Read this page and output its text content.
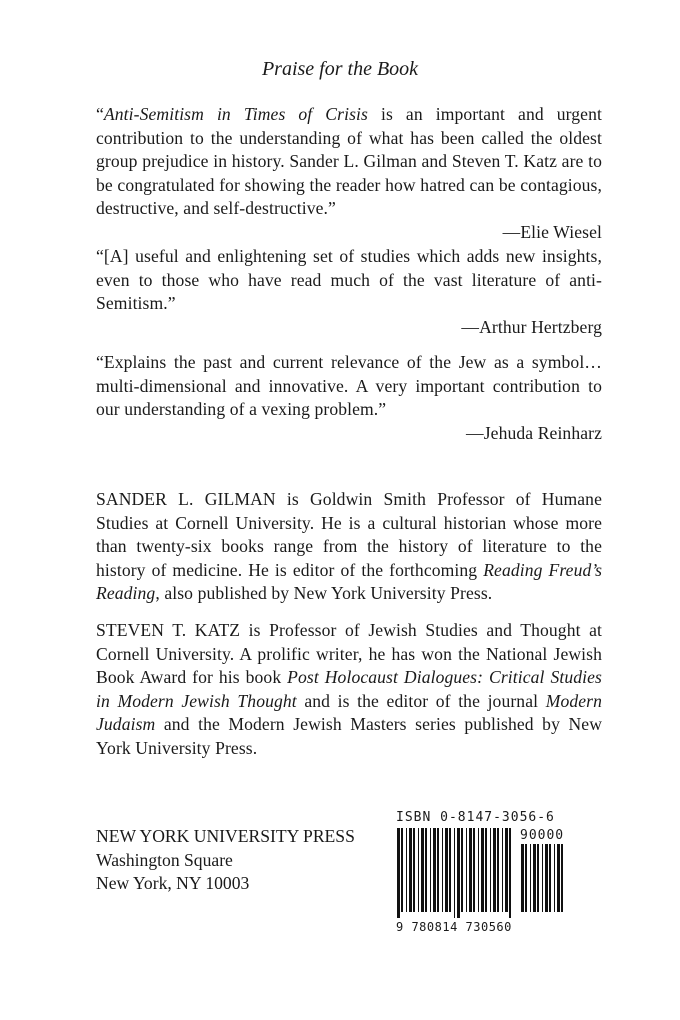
Praise for the Book
“Anti-Semitism in Times of Crisis is an important and urgent contribution to the understanding of what has been called the oldest group prejudice in history. Sander L. Gilman and Steven T. Katz are to be congratulated for showing the reader how hatred can be contagious, destructive, and self-destructive.”
—Elie Wiesel
“[A] useful and enlightening set of studies which adds new insights, even to those who have read much of the vast literature of anti-Semitism.”
—Arthur Hertzberg
“Explains the past and current relevance of the Jew as a symbol… multi-dimensional and innovative. A very important contribution to our understanding of a vexing problem.”
—Jehuda Reinharz
SANDER L. GILMAN is Goldwin Smith Professor of Humane Studies at Cornell University. He is a cultural historian whose more than twenty-six books range from the history of literature to the history of medicine. He is editor of the forthcoming Reading Freud’s Reading, also published by New York University Press.
STEVEN T. KATZ is Professor of Jewish Studies and Thought at Cornell University. A prolific writer, he has won the National Jewish Book Award for his book Post Holocaust Dialogues: Critical Studies in Modern Jewish Thought and is the editor of the journal Modern Judaism and the Modern Jewish Masters series published by New York University Press.
NEW YORK UNIVERSITY PRESS
Washington Square
New York, NY 10003
ISBN 0-8147-3056-6
9 780814 730560
90000
